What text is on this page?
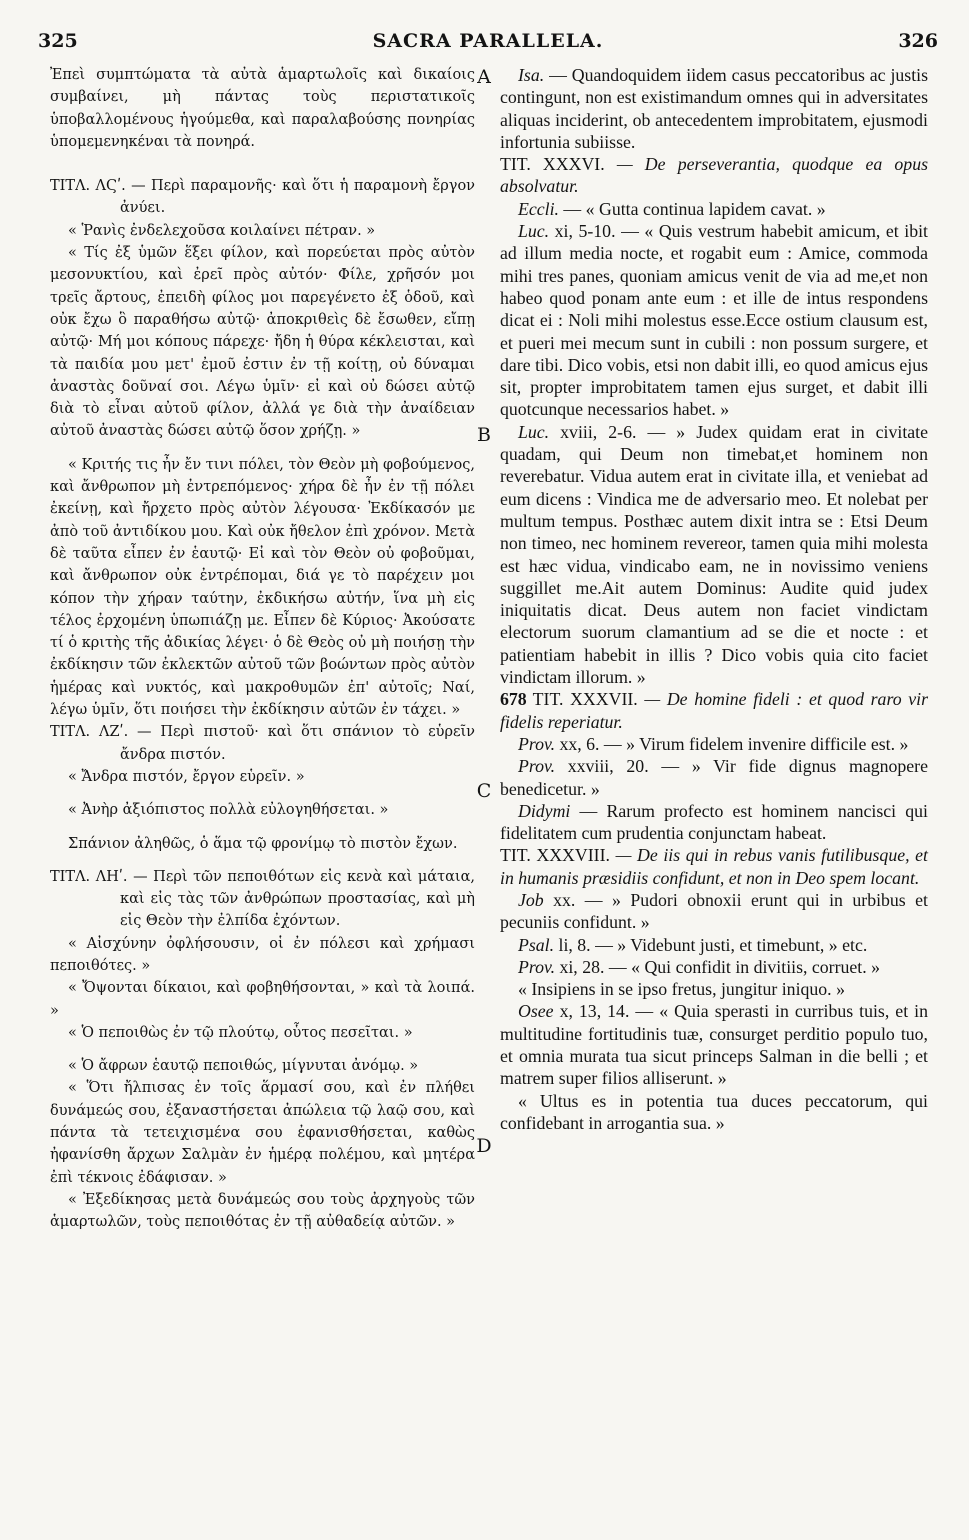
325	SACRA PARALLELA.	326

Ἐπεὶ συμπτώματα τὰ αὐτὰ ἁμαρτωλοῖς καὶ δικαίοις συμβαίνει, μὴ πάντας τοὺς περιστατικοῖς ὑποβαλλομένους ἡγούμεθα, καὶ παραλαβούσης πονηρίας ὑπομεμενηκέναι τὰ πονηρά.

ΤΙΤΛ. ΛϚʹ. — Περὶ παραμονῆς· καὶ ὅτι ἡ παραμονὴ ἔργον ἀνύει.

« Ῥανὶς ἐνδελεχοῦσα κοιλαίνει πέτραν. »

« Τίς ἐξ ὑμῶν ἕξει φίλον, καὶ πορεύεται πρὸς αὐτὸν μεσονυκτίου, καὶ ἐρεῖ πρὸς αὐτόν· Φίλε, χρῆσόν μοι τρεῖς ἄρτους, ἐπειδὴ φίλος μοι παρεγένετο ἐξ ὁδοῦ, καὶ οὐκ ἔχω ὃ παραθήσω αὐτῷ· ἀποκριθεὶς δὲ ἔσωθεν, εἴπῃ αὐτῷ· Μή μοι κόπους πάρεχε· ἤδη ἡ θύρα κέκλεισται, καὶ τὰ παιδία μου μετ' ἐμοῦ ἐστιν ἐν τῇ κοίτῃ, οὐ δύναμαι ἀναστὰς δοῦναί σοι. Λέγω ὑμῖν· εἰ καὶ οὐ δώσει αὐτῷ διὰ τὸ εἶναι αὐτοῦ φίλον, ἀλλά γε διὰ τὴν ἀναίδειαν αὐτοῦ ἀναστὰς δώσει αὐτῷ ὅσον χρήζῃ. »

« Κριτής τις ἦν ἔν τινι πόλει, τὸν Θεὸν μὴ φοβούμενος, καὶ ἄνθρωπον μὴ ἐντρεπόμενος· χήρα δὲ ἦν ἐν τῇ πόλει ἐκείνῃ, καὶ ἤρχετο πρὸς αὐτὸν λέγουσα· Ἐκδίκασόν με ἀπὸ τοῦ ἀντιδίκου μου. Καὶ οὐκ ἤθελον ἐπὶ χρόνον. Μετὰ δὲ ταῦτα εἶπεν ἐν ἑαυτῷ· Εἰ καὶ τὸν Θεὸν οὐ φοβοῦμαι, καὶ ἄνθρωπον οὐκ ἐντρέπομαι, διά γε τὸ παρέχειν μοι κόπον τὴν χήραν ταύτην, ἐκδικήσω αὐτήν, ἵνα μὴ εἰς τέλος ἐρχομένη ὑπωπιάζῃ με. Εἶπεν δὲ Κύριος· Ἀκούσατε τί ὁ κριτὴς τῆς ἀδικίας λέγει· ὁ δὲ Θεὸς οὐ μὴ ποιήσῃ τὴν ἐκδίκησιν τῶν ἐκλεκτῶν αὐτοῦ τῶν βοώντων πρὸς αὐτὸν ἡμέρας καὶ νυκτός, καὶ μακροθυμῶν ἐπ' αὐτοῖς; Ναί, λέγω ὑμῖν, ὅτι ποιήσει τὴν ἐκδίκησιν αὐτῶν ἐν τάχει. »

ΤΙΤΛ. ΛΖʹ. — Περὶ πιστοῦ· καὶ ὅτι σπάνιον τὸ εὑρεῖν ἄνδρα πιστόν.

« Ἄνδρα πιστόν, ἔργον εὑρεῖν. »

« Ἀνὴρ ἀξιόπιστος πολλὰ εὐλογηθήσεται. »

Σπάνιον ἀληθῶς, ὁ ἅμα τῷ φρονίμῳ τὸ πιστὸν ἔχων.

ΤΙΤΛ. ΛΗʹ. — Περὶ τῶν πεποιθότων εἰς κενὰ καὶ μάταια, καὶ εἰς τὰς τῶν ἀνθρώπων προστασίας, καὶ μὴ εἰς Θεὸν τὴν ἐλπίδα ἐχόντων.

« Αἰσχύνην ὀφλήσουσιν, οἱ ἐν πόλεσι καὶ χρήμασι πεποιθότες. »

« Ὄψονται δίκαιοι, καὶ φοβηθήσονται, » καὶ τὰ λοιπά. »

« Ὁ πεποιθὼς ἐν τῷ πλούτῳ, οὗτος πεσεῖται. »

« Ὁ ἄφρων ἑαυτῷ πεποιθώς, μίγνυται ἀνόμῳ. »

« Ὅτι ἤλπισας ἐν τοῖς ἅρμασί σου, καὶ ἐν πλήθει δυνάμεώς σου, ἐξαναστήσεται ἀπώλεια τῷ λαῷ σου, καὶ πάντα τὰ τετειχισμένα σου ἐφανισθήσεται, καθὼς ἠφανίσθη ἄρχων Σαλμὰν ἐν ἡμέρᾳ πολέμου, καὶ μητέρα ἐπὶ τέκνοις ἐδάφισαν. »

« Ἐξεδίκησας μετὰ δυνάμεώς σου τοὺς ἀρχηγοὺς τῶν ἁμαρτωλῶν, τοὺς πεποιθότας ἐν τῇ αὐθαδείᾳ αὐτῶν. »

A
B
C
D

Isa. — Quandoquidem iidem casus peccatoribus ac justis contingunt, non est existimandum omnes qui in adversitates aliquas inciderint, ob antecedentem improbitatem, ejusmodi infortunia subiisse.

TIT. XXXVI. — De perseverantia, quodque ea opus absolvatur.

Eccli. — « Gutta continua lapidem cavat. »

Luc. xi, 5-10. — « Quis vestrum habebit amicum, et ibit ad illum media nocte, et rogabit eum : Amice, commoda mihi tres panes, quoniam amicus venit de via ad me,et non habeo quod ponam ante eum : et ille de intus respondens dicat ei : Noli mihi molestus esse.Ecce ostium clausum est, et pueri mei mecum sunt in cubili : non possum surgere, et dare tibi. Dico vobis, etsi non dabit illi, eo quod amicus ejus sit, propter improbitatem tamen ejus surget, et dabit illi quotcunque necessarios habet. »

Luc. xviii, 2-6. — » Judex quidam erat in civitate quadam, qui Deum non timebat,et hominem non reverebatur. Vidua autem erat in civitate illa, et veniebat ad eum dicens : Vindica me de adversario meo. Et nolebat per multum tempus. Posthæc autem dixit intra se : Etsi Deum non timeo, nec hominem revereor, tamen quia mihi molesta est hæc vidua, vindicabo eam, ne in novissimo veniens suggillet me.Ait autem Dominus: Audite quid judex iniquitatis dicat. Deus autem non faciet vindictam electorum suorum clamantium ad se die et nocte : et patientiam habebit in illis ? Dico vobis quia cito faciet vindictam illorum. »

678 TIT. XXXVII. — De homine fideli : et quod raro vir fidelis reperiatur.

Prov. xx, 6. — » Virum fidelem invenire difficile est. »

Prov. xxviii, 20. — » Vir fide dignus magnopere benedicetur. »

Didymi — Rarum profecto est hominem nancisci qui fidelitatem cum prudentia conjunctam habeat.

TIT. XXXVIII. — De iis qui in rebus vanis futilibusque, et in humanis præsidiis confidunt, et non in Deo spem locant.

Job xx. — » Pudori obnoxii erunt qui in urbibus et pecuniis confidunt. »

Psal. li, 8. — » Videbunt justi, et timebunt, » etc.

Prov. xi, 28. — « Qui confidit in divitiis, corruet. »

« Insipiens in se ipso fretus, jungitur iniquo. »

Osee x, 13, 14. — « Quia sperasti in curribus tuis, et in multitudine fortitudinis tuæ, consurget perditio populo tuo, et omnia murata tua sicut princeps Salman in die belli ; et matrem super filios alliserunt. »

« Ultus es in potentia tua duces peccatorum, qui confidebant in arrogantia sua. »
